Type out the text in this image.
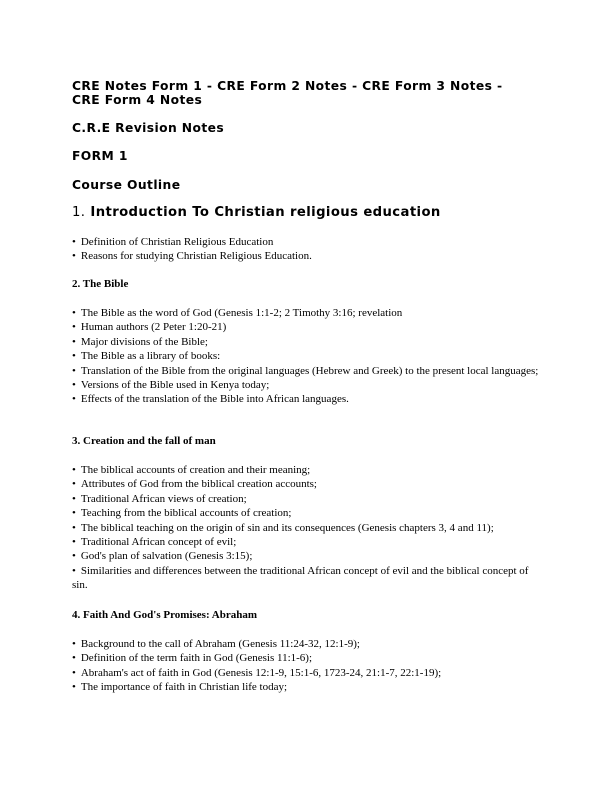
CRE Notes Form 1 - CRE Form 2 Notes - CRE Form 3 Notes -
CRE Form 4 Notes
C.R.E Revision Notes
FORM 1
Course Outline
1. Introduction To Christian religious education
• Definition of Christian Religious Education
• Reasons for studying Christian Religious Education.
2. The Bible
• The Bible as the word of God (Genesis 1:1-2; 2 Timothy 3:16; revelation
• Human authors (2 Peter 1:20-21)
• Major divisions of the Bible;
• The Bible as a library of books:
• Translation of the Bible from the original languages (Hebrew and Greek) to the present local languages;
• Versions of the Bible used in Kenya today;
• Effects of the translation of the Bible into African languages.
3. Creation and the fall of man
• The biblical accounts of creation and their meaning;
• Attributes of God from the biblical creation accounts;
• Traditional African views of creation;
• Teaching from the biblical accounts of creation;
• The biblical teaching on the origin of sin and its consequences (Genesis chapters 3, 4 and 11);
• Traditional African concept of evil;
• God's plan of salvation (Genesis 3:15);
• Similarities and differences between the traditional African concept of evil and the biblical concept of sin.
4. Faith And God's Promises: Abraham
• Background to the call of Abraham (Genesis 11:24-32, 12:1-9);
• Definition of the term faith in God (Genesis 11:1-6);
• Abraham's act of faith in God (Genesis 12:1-9, 15:1-6, 1723-24, 21:1-7, 22:1-19);
• The importance of faith in Christian life today;
